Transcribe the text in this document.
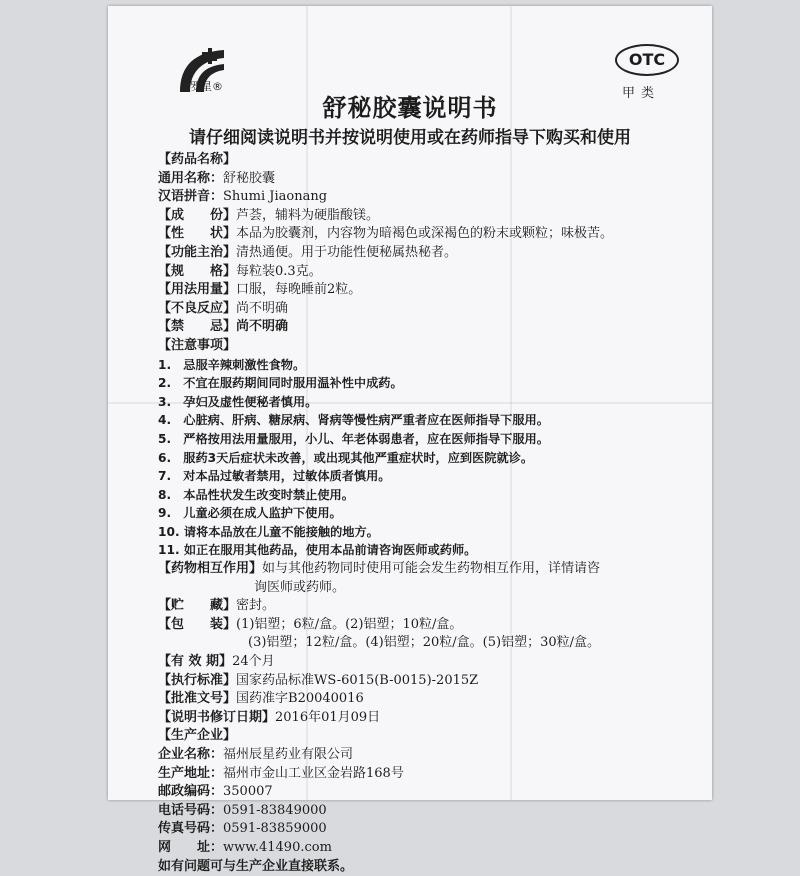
罗星®
OTC
甲类
舒秘胶囊说明书
请仔细阅读说明书并按说明使用或在药师指导下购买和使用
【药品名称】
通用名称：舒秘胶囊
汉语拼音：Shumi Jiaonang
【成　　份】芦荟，辅料为硬脂酸镁。
【性　　状】本品为胶囊剂，内容物为暗褐色或深褐色的粉末或颗粒；味极苦。
【功能主治】清热通便。用于功能性便秘属热秘者。
【规　　格】每粒装0.3克。
【用法用量】口服，每晚睡前2粒。
【不良反应】尚不明确
【禁　　忌】尚不明确
【注意事项】
1.　忌服辛辣刺激性食物。
2.　不宜在服药期间同时服用温补性中成药。
3.　孕妇及虚性便秘者慎用。
4.　心脏病、肝病、糖尿病、肾病等慢性病严重者应在医师指导下服用。
5.　严格按用法用量服用，小儿、年老体弱患者，应在医师指导下服用。
6.　服药3天后症状未改善，或出现其他严重症状时，应到医院就诊。
7.　对本品过敏者禁用，过敏体质者慎用。
8.　本品性状发生改变时禁止使用。
9.　儿童必须在成人监护下使用。
10. 请将本品放在儿童不能接触的地方。
11. 如正在服用其他药品，使用本品前请咨询医师或药师。
【药物相互作用】如与其他药物同时使用可能会发生药物相互作用，详情请咨
询医师或药师。
【贮　　藏】密封。
【包　　装】(1)铝塑；6粒/盒。(2)铝塑；10粒/盒。
(3)铝塑；12粒/盒。(4)铝塑；20粒/盒。(5)铝塑；30粒/盒。
【有 效 期】24个月
【执行标准】国家药品标准WS-6015(B-0015)-2015Z
【批准文号】国药准字B20040016
【说明书修订日期】2016年01月09日
【生产企业】
企业名称：福州辰星药业有限公司
生产地址：福州市金山工业区金岩路168号
邮政编码：350007
电话号码：0591-83849000
传真号码：0591-83859000
网　　址：www.41490.com
如有问题可与生产企业直接联系。
